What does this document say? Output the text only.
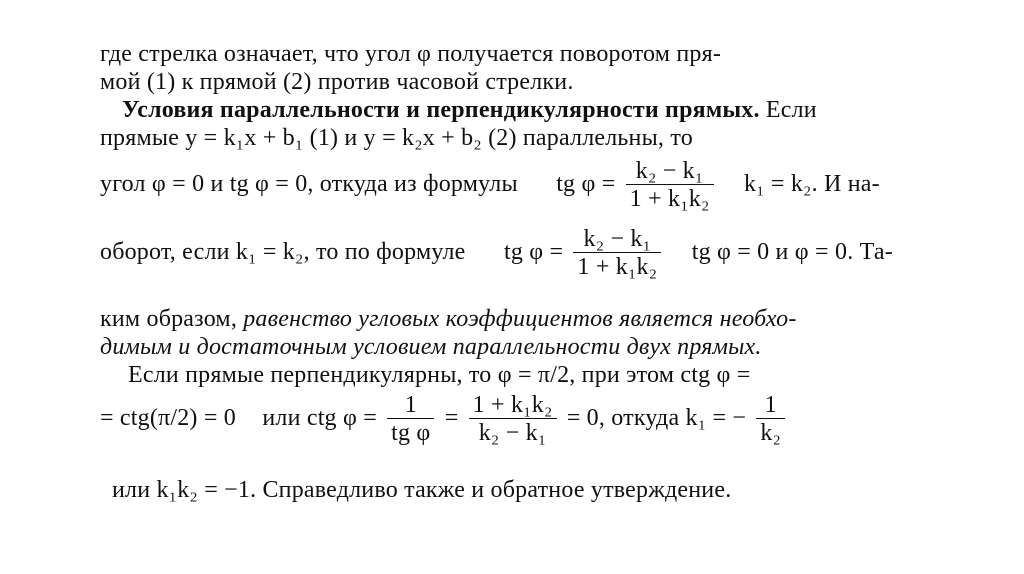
где стрелка означает, что угол φ получается поворотом пря-
мой (1) к прямой (2) против часовой стрелки.
Условия параллельности и перпендикулярности прямых. Если
прямые y = k₁x + b₁ (1) и y = k₂x + b₂ (2) параллельны, то
угол φ = 0 и tg φ = 0, откуда из формулы tg $\varphi = \frac{\text{k₂ − k₁}}{\text{1 + k₁k₂}} k_1 = k_2$. И на-
оборот, если k₁ = k₂, то по формуле tg $\varphi = \frac{\text{k₂ − k₁}}{\text{1 + k₁k₂}}$ tg φ = 0 и φ = 0. Та-
ким образом, равенство угловых коэффициентов является необхо-
димым и достаточным условием параллельности двух прямых.
Если прямые перпендикулярны, то φ = π/2, при этом ctg φ =
= ctg(π/2) = 0 или ctg $\varphi = \frac{1}{\text{tg φ}} = \frac{\text{1 + k₁k₂}}{\text{k₂ − k₁}} = 0$, откуда k₁ = − $\frac{1}{\text{k₂}}$
или k₁k₂ = −1. Справедливо также и обратное утверждение.
